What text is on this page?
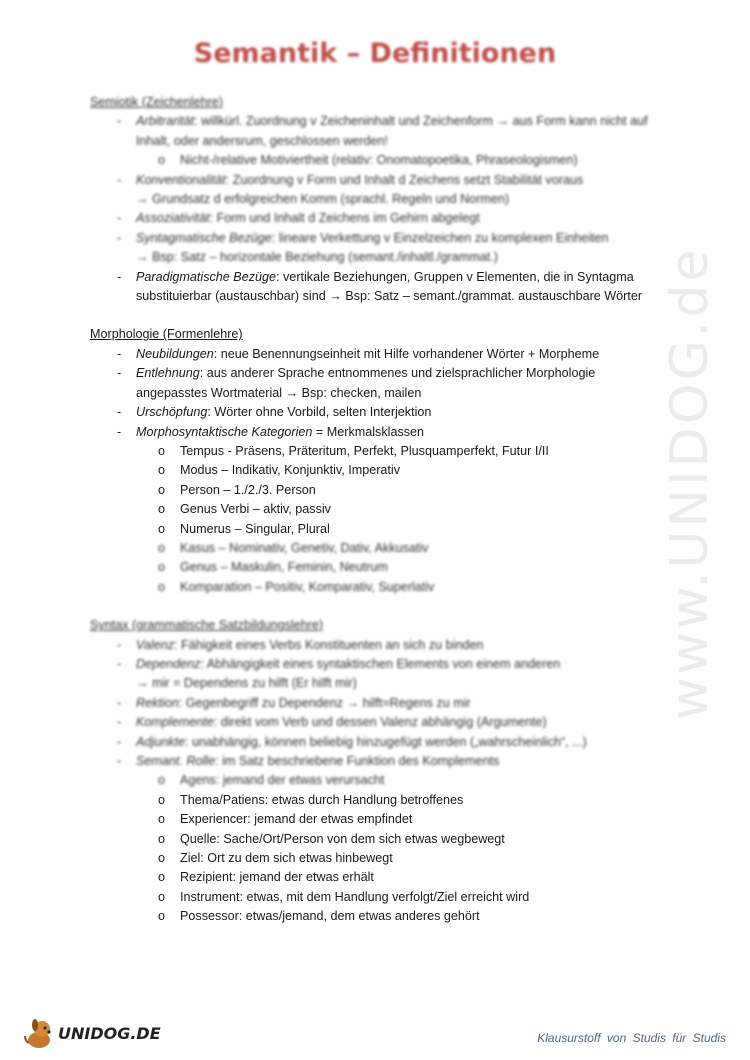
Semantik – Definitionen

Semiotik (Zeichenlehre)

- Arbitrarität: willkürl. Zuordnung v Zeicheninhalt und Zeichenform → aus Form kann nicht auf
Inhalt, oder andersrum, geschlossen werden!
o Nicht-/relative Motiviertheit (relativ: Onomatopoetika, Phraseologismen)
- Konventionalität: Zuordnung v Form und Inhalt d Zeichens setzt Stabilität voraus
→ Grundsatz d erfolgreichen Komm (sprachl. Regeln und Normen)
- Assoziativität: Form und Inhalt d Zeichens im Gehirn abgelegt
- Syntagmatische Bezüge: lineare Verkettung v Einzelzeichen zu komplexen Einheiten
→ Bsp: Satz – horizontale Beziehung (semant./inhaltl./grammat.)
- Paradigmatische Bezüge: vertikale Beziehungen, Gruppen v Elementen, die in Syntagma
substituierbar (austauschbar) sind → Bsp: Satz – semant./grammat. austauschbare Wörter

Morphologie (Formenlehre)

- Neubildungen: neue Benennungseinheit mit Hilfe vorhandener Wörter + Morpheme
- Entlehnung: aus anderer Sprache entnommenes und zielsprachlicher Morphologie
angepasstes Wortmaterial → Bsp: checken, mailen
- Urschöpfung: Wörter ohne Vorbild, selten Interjektion
- Morphosyntaktische Kategorien = Merkmalsklassen
o Tempus - Präsens, Präteritum, Perfekt, Plusquamperfekt, Futur I/II
o Modus – Indikativ, Konjunktiv, Imperativ
o Person – 1./2./3. Person
o Genus Verbi – aktiv, passiv
o Numerus – Singular, Plural
o Kasus – Nominativ, Genetiv, Dativ, Akkusativ
o Genus – Maskulin, Feminin, Neutrum
o Komparation – Positiv, Komparativ, Superlativ

Syntax (grammatische Satzbildungslehre)

- Valenz: Fähigkeit eines Verbs Konstituenten an sich zu binden
- Dependenz: Abhängigkeit eines syntaktischen Elements von einem anderen
→ mir = Dependens zu hilft (Er hilft mir)
- Rektion: Gegenbegriff zu Dependenz → hilft=Regens zu mir
- Komplemente: direkt vom Verb und dessen Valenz abhängig (Argumente)
- Adjunkte: unabhängig, können beliebig hinzugefügt werden („wahrscheinlich“, ...)
- Semant. Rolle: im Satz beschriebene Funktion des Komplements
o Agens: jemand der etwas verursacht
o Thema/Patiens: etwas durch Handlung betroffenes
o Experiencer: jemand der etwas empfindet
o Quelle: Sache/Ort/Person von dem sich etwas wegbewegt
o Ziel: Ort zu dem sich etwas hinbewegt
o Rezipient: jemand der etwas erhält
o Instrument: etwas, mit dem Handlung verfolgt/Ziel erreicht wird
o Possessor: etwas/jemand, dem etwas anderes gehört
www.UNIDOG.de
UNIDOG.DE	Klausurstoff von Studis für Studis
